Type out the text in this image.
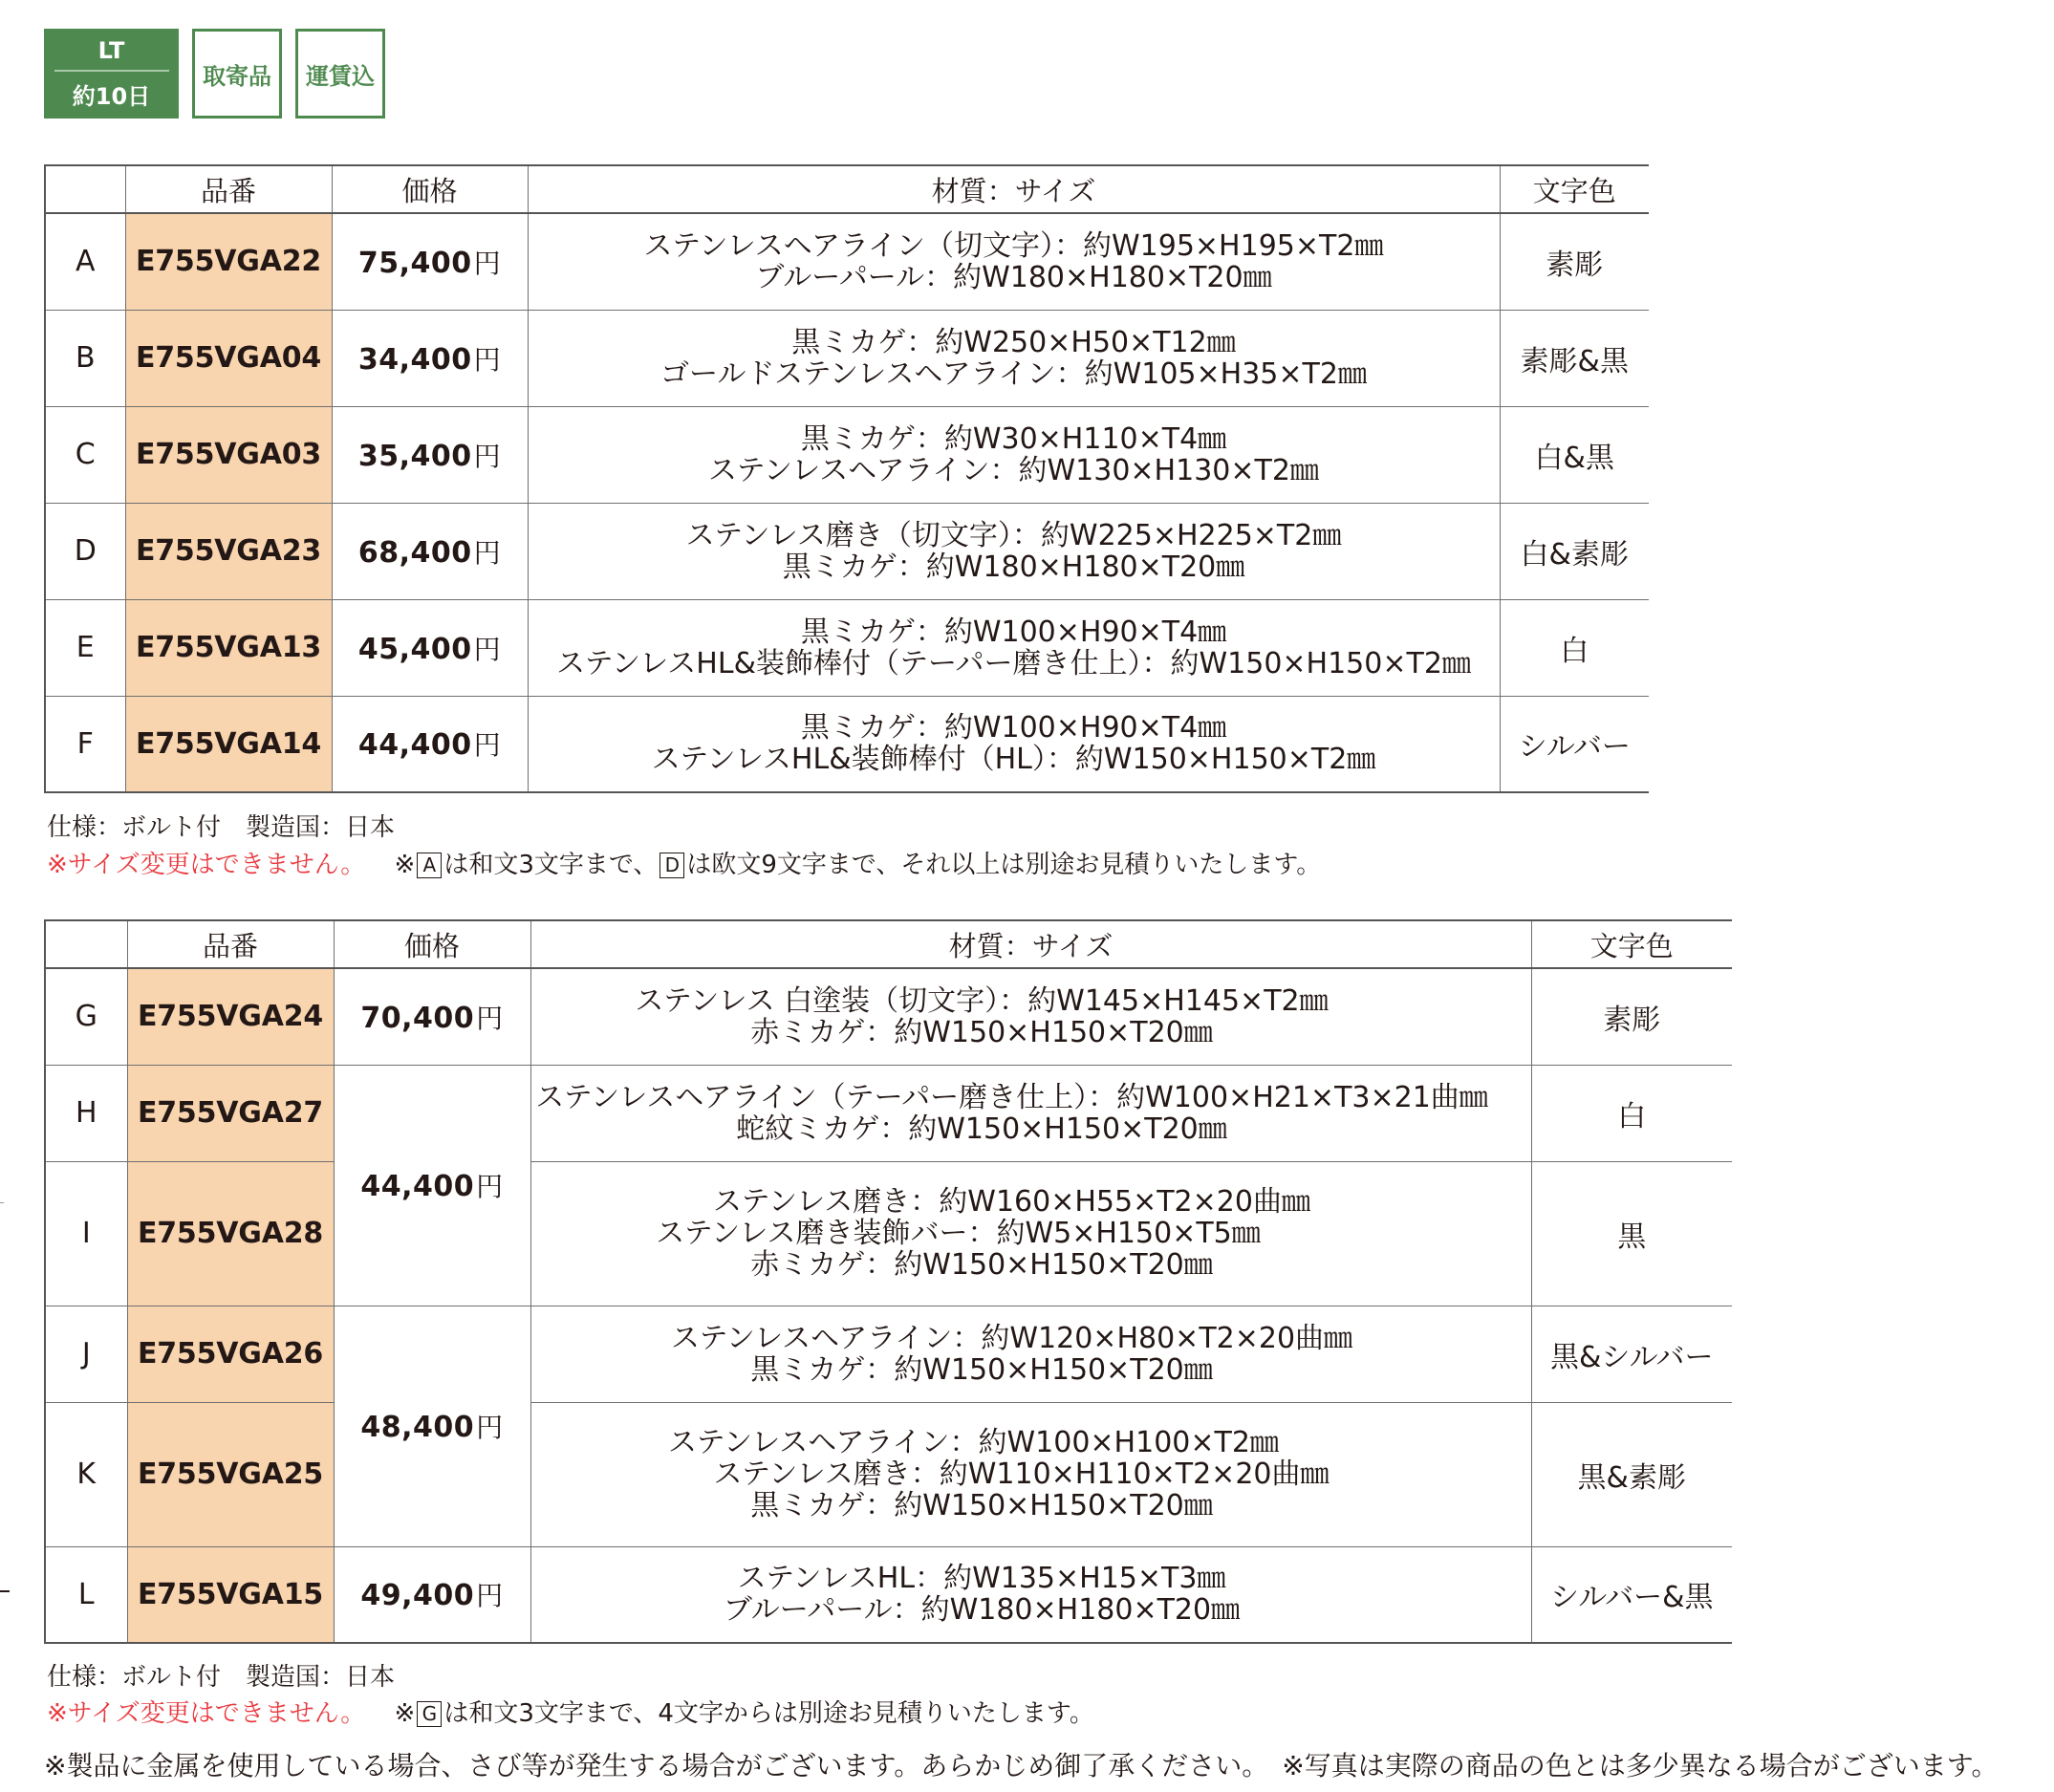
LT
約10日
取寄品	運賃込
	品番	価格	材質：サイズ	文字色
A	E755VGA22	75,400円	ステンレスヘアライン（切文字）：約W195×H195×T2㎜
ブルーパール：約W180×H180×T20㎜	素彫
B	E755VGA04	34,400円	黒ミカゲ：約W250×H50×T12㎜
ゴールドステンレスヘアライン：約W105×H35×T2㎜	素彫&黒
C	E755VGA03	35,400円	黒ミカゲ：約W30×H110×T4㎜
ステンレスヘアライン：約W130×H130×T2㎜	白&黒
D	E755VGA23	68,400円	ステンレス磨き（切文字）：約W225×H225×T2㎜
黒ミカゲ：約W180×H180×T20㎜	白&素彫
E	E755VGA13	45,400円	黒ミカゲ：約W100×H90×T4㎜
ステンレスHL&装飾棒付（テーパー磨き仕上）：約W150×H150×T2㎜	白
F	E755VGA14	44,400円	黒ミカゲ：約W100×H90×T4㎜
ステンレスHL&装飾棒付（HL）：約W150×H150×T2㎜	シルバー
仕様：ボルト付　製造国：日本
※サイズ変更はできません。 ※ A は和文3文字まで、 D は欧文9文字まで、それ以上は別途お見積りいたします。
	品番	価格	材質：サイズ	文字色
G	E755VGA24	70,400円	ステンレス 白塗装（切文字）：約W145×H145×T2㎜
赤ミカゲ：約W150×H150×T20㎜	素彫
H	E755VGA27	44,400円	ステンレスヘアライン（テーパー磨き仕上）：約W100×H21×T3×21曲㎜
蛇紋ミカゲ：約W150×H150×T20㎜	白
I	E755VGA28		ステンレス磨き：約W160×H55×T2×20曲㎜
ステンレス磨き装飾バー：約W5×H150×T5㎜
赤ミカゲ：約W150×H150×T20㎜	黒
J	E755VGA26	48,400円	ステンレスヘアライン：約W120×H80×T2×20曲㎜
黒ミカゲ：約W150×H150×T20㎜	黒&シルバー
K	E755VGA25		ステンレスヘアライン：約W100×H100×T2㎜
ステンレス磨き：約W110×H110×T2×20曲㎜
黒ミカゲ：約W150×H150×T20㎜	黒&素彫
L	E755VGA15	49,400円	ステンレスHL：約W135×H15×T3㎜
ブルーパール：約W180×H180×T20㎜	シルバー&黒
仕様：ボルト付　製造国：日本
※サイズ変更はできません。 ※ G は和文3文字まで、4文字からは別途お見積りいたします。
※製品に金属を使用している場合、さび等が発生する場合がございます。あらかじめ御了承ください。　※写真は実際の商品の色とは多少異なる場合がございます。
